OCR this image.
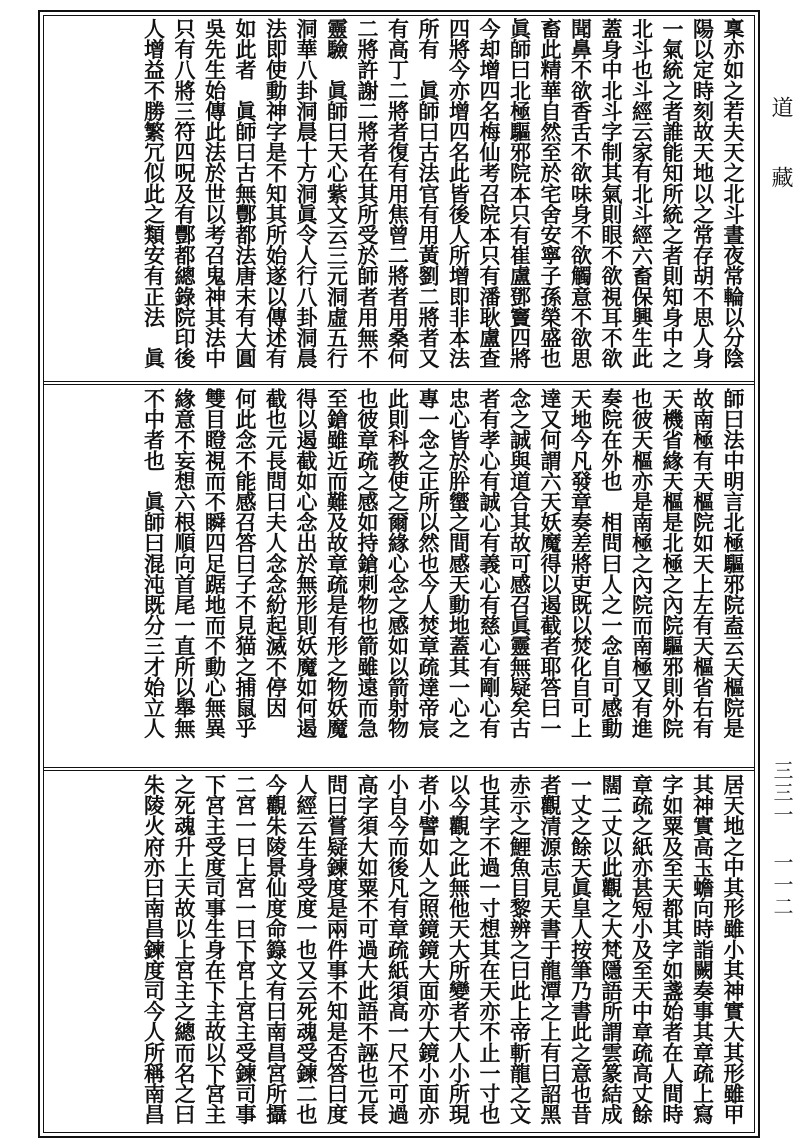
稟亦如之若夫天之北斗晝夜常輪以分陰
陽以定時刻故天地以之常存胡不思人身
一氣統之者誰能知所統之者則知身中之
北斗也斗經云家有北斗經六畜保興生此
蓋身中北斗字制其氣則眼不欲視耳不欲
聞鼻不欲香舌不欲味身不欲觸意不欲思
畜此精華自然至於宅舍安寧子孫榮盛也
眞師曰北極驅邪院本只有崔盧鄧竇四將
今却增四名梅仙考召院本只有潘耿盧查
四將今亦增四名此皆後人所增即非本法
所有　眞師曰古法官有用黃劉二將者又
有高丁二將者復有用焦曾二將者用桑何
二將許謝二將者在其所受於師者用無不
靈驗　眞師曰天心紫文云三元洞虛五行
洞華八卦洞晨十方洞眞令人行八卦洞晨
法即使動神字是不知其所始遂以傳述有
如此者　眞師曰古無酆都法唐末有大圓
吳先生始傳此法於世以考召鬼神其法中
只有八將三符四呪及有酆都總錄院印後
人增益不勝繁冗似此之類安有正法　眞
師曰法中明言北極驅邪院盍云天樞院是
故南極有天樞院如天上左有天樞省右有
天機省緣天樞是北極之內院驅邪則外院
也彼天樞亦是南極之內院而南極又有進
奏院在外也　相問曰人之一念自可感動
天地今凡發章奏差將吏既以焚化自可上
達又何謂六天妖魔得以遏截者耶答曰一
念之誠與道合其故可感召眞靈無疑矣古
者有孝心有誠心有義心有慈心有剛心有
忠心皆於肸蠁之間感天動地蓋其一心之
專一念之正所以然也今人焚章疏達帝宸
此則科教使之爾緣心念之感如以箭射物
也彼章疏之感如持鎗刺物也箭雖遠而急
至鎗雖近而難及故章疏是有形之物妖魔
得以遏截如心念出於無形則妖魔如何遏
截也元長問曰夫人念念紛起滅不停因
何此念不能感召答曰子不見猫之捕鼠乎
雙目瞪視而不瞬四足踞地而不動心無異
緣意不妄想六根順向首尾一直所以舉無
不中者也　眞師曰混沌既分三才始立人
居天地之中其形雖小其神實大其形雖甲
其神實高玉蟾向時詣闕奏事其章疏上寫
字如粟及至天都其字如盞始者在人間時
章疏之紙亦甚短小及至天中章疏高丈餘
闊二丈以此觀之大梵隱語所謂雲篆結成
一丈之餘天眞皇人按筆乃書此之意也昔
者觀清源志見天書于龍潭之上有曰詔黑
赤示之鯉魚目黎辨之曰此上帝斬龍之文
也其字不過一寸想其在天亦不止一寸也
以今觀之此無他天大所變者大人小所現
者小譬如人之照鏡鏡大面亦大鏡小面亦
小自今而後凡有章疏紙須高一尺不可過
高字須大如粟不可過大此語不誣也元長
問曰嘗疑鍊度是兩件事不知是否答曰度
人經云生身受度一也又云死魂受鍊二也
今觀朱陵景仙度命籙文有曰南昌宮所攝
二宮一曰上宮一曰下宮上宮主受鍊司事
下宮主受度司事生身在下主故以下宮主
之死魂升上天故以上宮主之總而名之曰
朱陵火府亦曰南昌鍊度司今人所稱南昌
道藏
三三一 一一二
